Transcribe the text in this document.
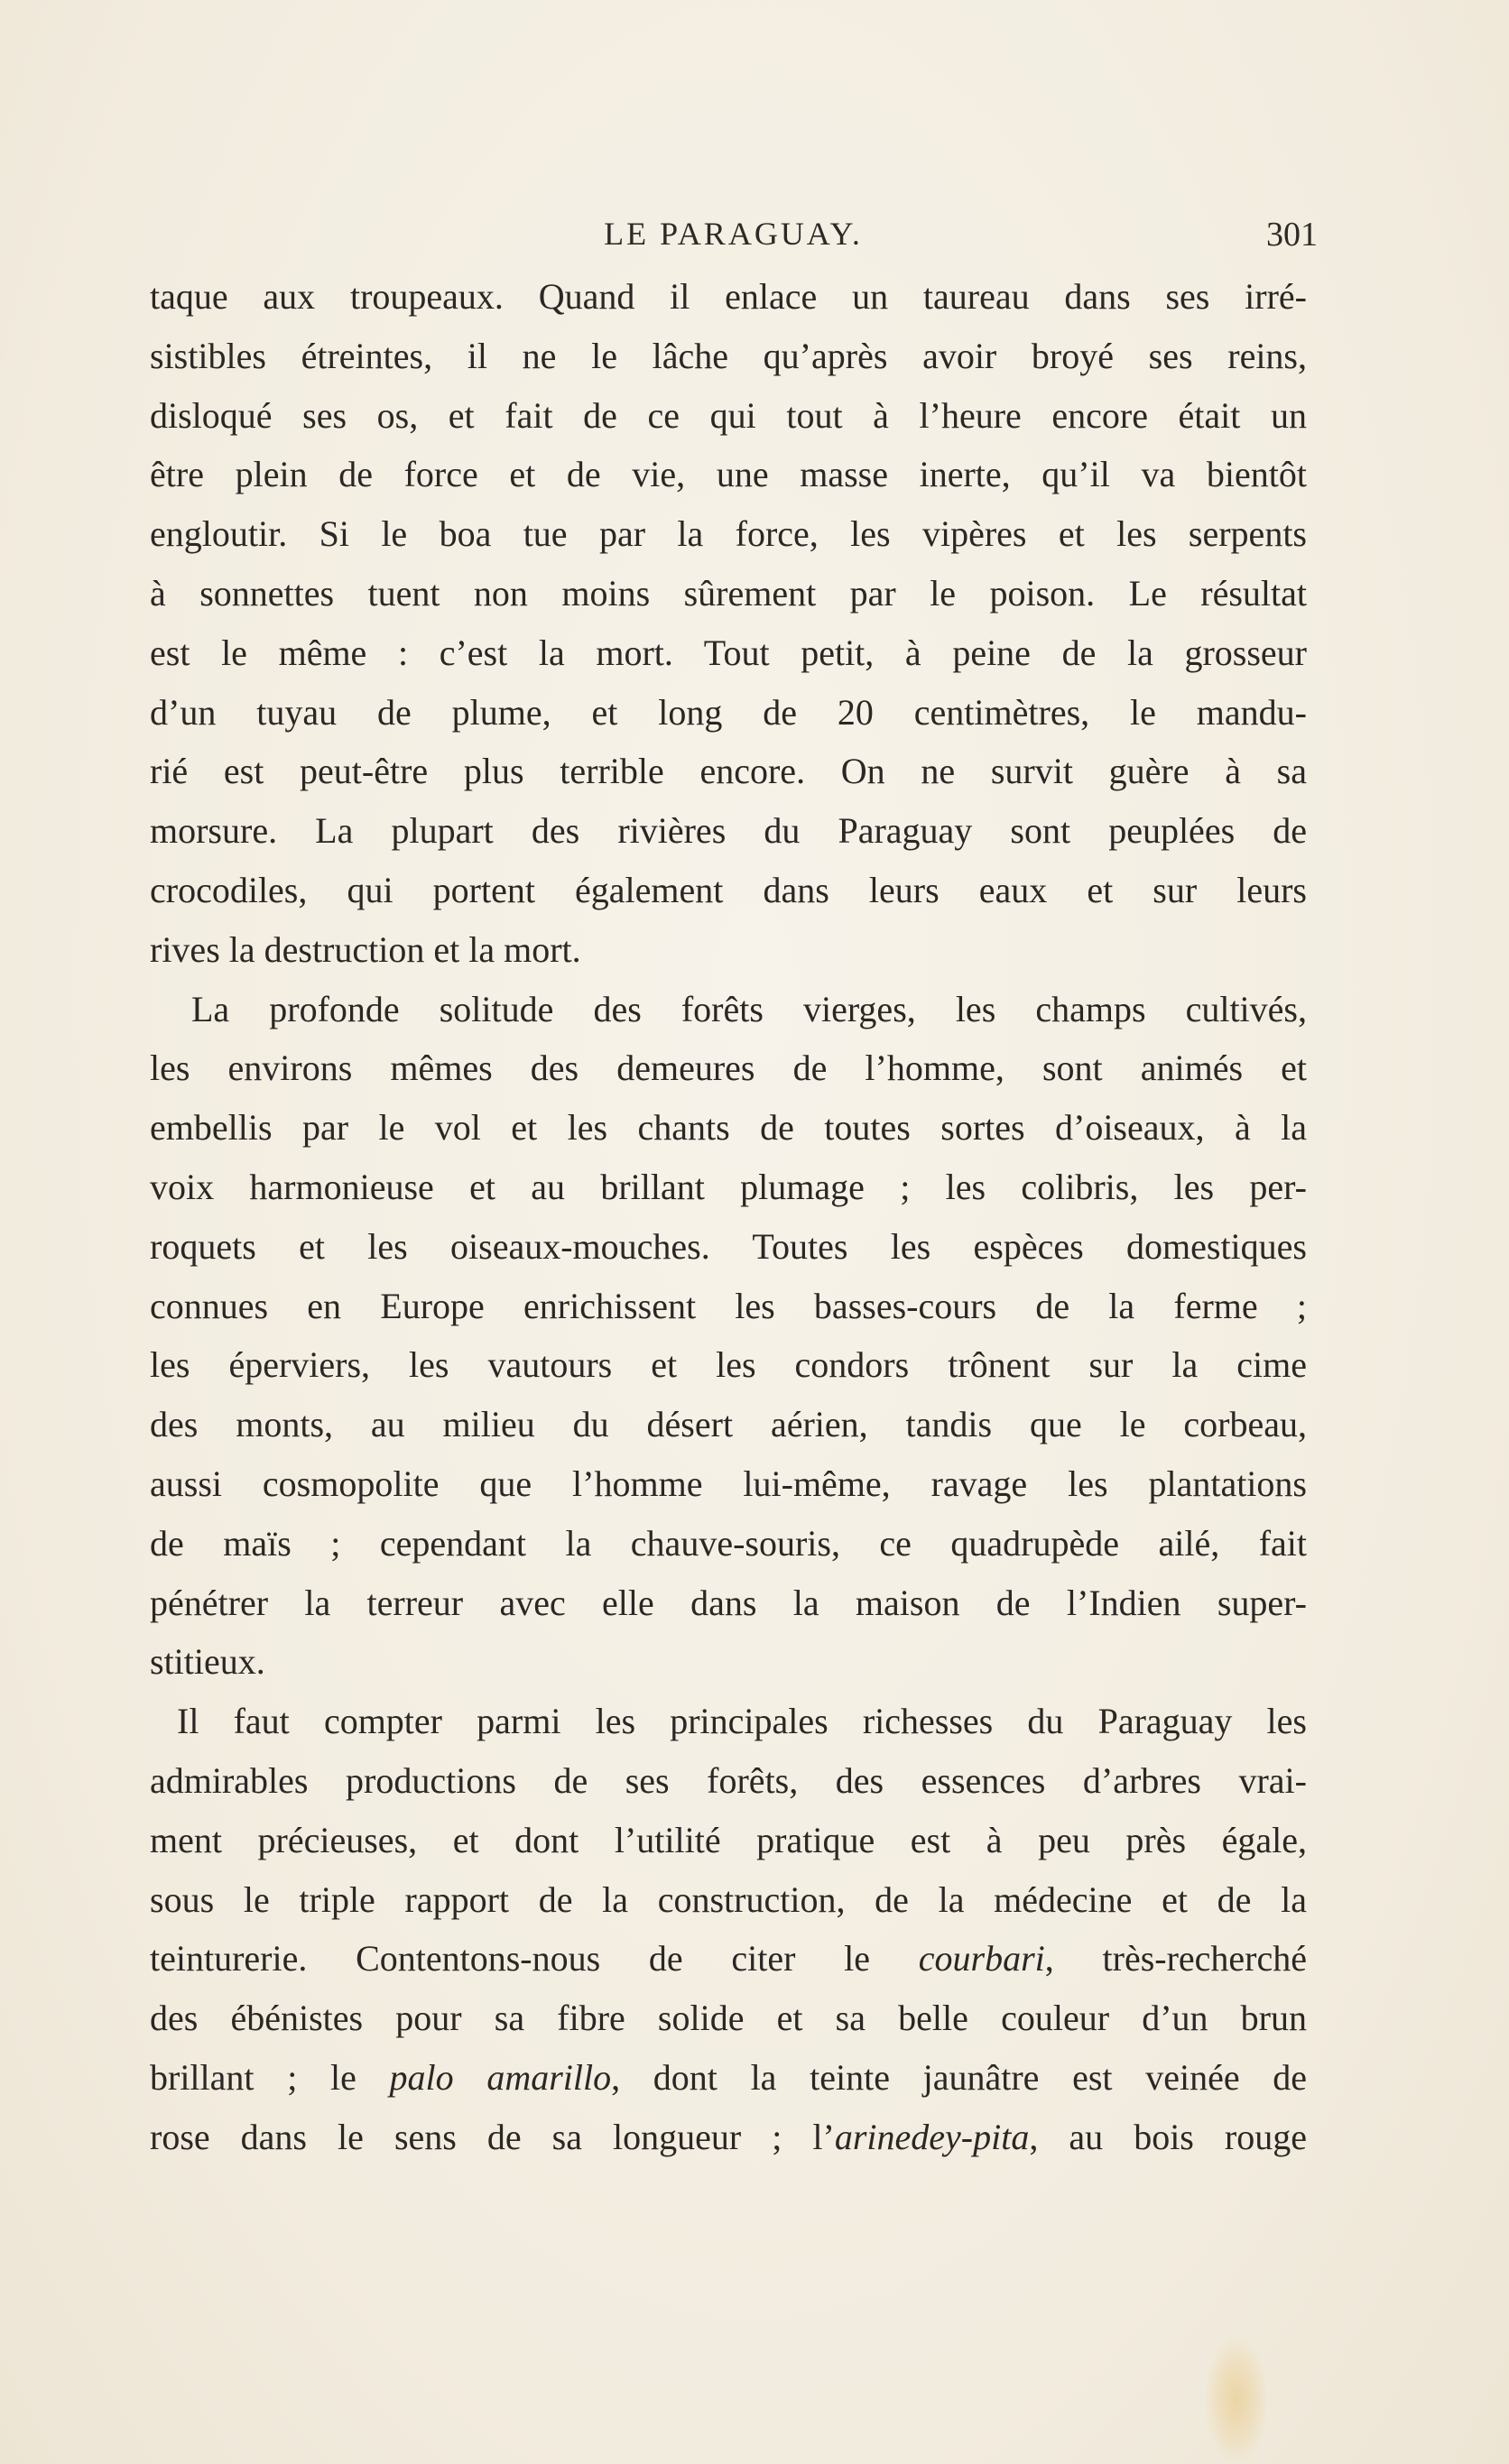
LE PARAGUAY.	301
taque aux troupeaux. Quand il enlace un taureau dans ses irré-
sistibles étreintes, il ne le lâche qu’après avoir broyé ses reins,
disloqué ses os, et fait de ce qui tout à l’heure encore était un
être plein de force et de vie, une masse inerte, qu’il va bientôt
engloutir. Si le boa tue par la force, les vipères et les serpents
à sonnettes tuent non moins sûrement par le poison. Le résultat
est le même : c’est la mort. Tout petit, à peine de la grosseur
d’un tuyau de plume, et long de 20 centimètres, le mandu-
rié est peut-être plus terrible encore. On ne survit guère à sa
morsure. La plupart des rivières du Paraguay sont peuplées de
crocodiles, qui portent également dans leurs eaux et sur leurs
rives la destruction et la mort.
La profonde solitude des forêts vierges, les champs cultivés,
les environs mêmes des demeures de l’homme, sont animés et
embellis par le vol et les chants de toutes sortes d’oiseaux, à la
voix harmonieuse et au brillant plumage ; les colibris, les per-
roquets et les oiseaux-mouches. Toutes les espèces domestiques
connues en Europe enrichissent les basses-cours de la ferme ;
les éperviers, les vautours et les condors trônent sur la cime
des monts, au milieu du désert aérien, tandis que le corbeau,
aussi cosmopolite que l’homme lui-même, ravage les plantations
de maïs ; cependant la chauve-souris, ce quadrupède ailé, fait
pénétrer la terreur avec elle dans la maison de l’Indien super-
stitieux.
Il faut compter parmi les principales richesses du Paraguay les
admirables productions de ses forêts, des essences d’arbres vrai-
ment précieuses, et dont l’utilité pratique est à peu près égale,
sous le triple rapport de la construction, de la médecine et de la
teinturerie. Contentons-nous de citer le courbari, très-recherché
des ébénistes pour sa fibre solide et sa belle couleur d’un brun
brillant ; le palo amarillo, dont la teinte jaunâtre est veinée de
rose dans le sens de sa longueur ; l’arinedey-pita, au bois rouge
